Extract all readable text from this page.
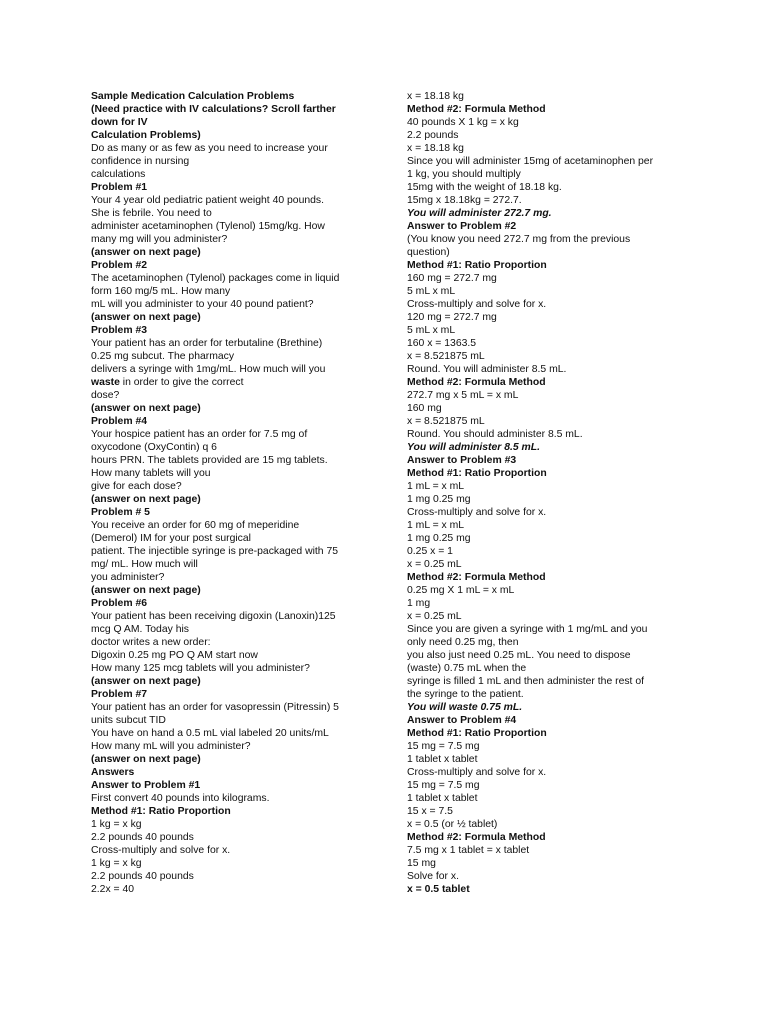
Sample Medication Calculation Problems
(Need practice with IV calculations? Scroll farther
down for IV
Calculation Problems)
Do as many or as few as you need to increase your
confidence in nursing
calculations
Problem #1
Your 4 year old pediatric patient weight 40 pounds.
She is febrile. You need to
administer acetaminophen (Tylenol) 15mg/kg. How
many mg will you administer?
(answer on next page)
Problem #2
The acetaminophen (Tylenol) packages come in liquid
form 160 mg/5 mL. How many
mL will you administer to your 40 pound patient?
(answer on next page)
Problem #3
Your patient has an order for terbutaline (Brethine)
0.25 mg subcut. The pharmacy
delivers a syringe with 1mg/mL. How much will you
waste in order to give the correct
dose?
(answer on next page)
Problem #4
Your hospice patient has an order for 7.5 mg of
oxycodone (OxyContin) q 6
hours PRN. The tablets provided are 15 mg tablets.
How many tablets will you
give for each dose?
(answer on next page)
Problem # 5
You receive an order for 60 mg of meperidine
(Demerol) IM for your post surgical
patient. The injectible syringe is pre-packaged with 75
mg/ mL. How much will
you administer?
(answer on next page)
Problem #6
Your patient has been receiving digoxin (Lanoxin)125
mcg Q AM. Today his
doctor writes a new order:
Digoxin 0.25 mg PO Q AM start now
How many 125 mcg tablets will you administer?
(answer on next page)
Problem #7
Your patient has an order for vasopressin (Pitressin) 5
units subcut TID
You have on hand a 0.5 mL vial labeled 20 units/mL
How many mL will you administer?
(answer on next page)
Answers
Answer to Problem #1
First convert 40 pounds into kilograms.
Method #1: Ratio Proportion
1 kg = x kg
2.2 pounds 40 pounds
Cross-multiply and solve for x.
1 kg = x kg
2.2 pounds 40 pounds
2.2x = 40
x = 18.18 kg
Method #2: Formula Method
40 pounds X 1 kg = x kg
2.2 pounds
x = 18.18 kg
Since you will administer 15mg of acetaminophen per
1 kg, you should multiply
15mg with the weight of 18.18 kg.
15mg x 18.18kg = 272.7.
You will administer 272.7 mg.
Answer to Problem #2
(You know you need 272.7 mg from the previous
question)
Method #1: Ratio Proportion
160 mg = 272.7 mg
5 mL x mL
Cross-multiply and solve for x.
120 mg = 272.7 mg
5 mL x mL
160 x = 1363.5
x = 8.521875 mL
Round. You will administer 8.5 mL.
Method #2: Formula Method
272.7 mg x 5 mL = x mL
160 mg
x = 8.521875 mL
Round. You should administer 8.5 mL.
You will administer 8.5 mL.
Answer to Problem #3
Method #1: Ratio Proportion
1 mL = x mL
1 mg 0.25 mg
Cross-multiply and solve for x.
1 mL = x mL
1 mg 0.25 mg
0.25 x = 1
x = 0.25 mL
Method #2: Formula Method
0.25 mg X 1 mL = x mL
1 mg
x = 0.25 mL
Since you are given a syringe with 1 mg/mL and you
only need 0.25 mg, then
you also just need 0.25 mL. You need to dispose
(waste) 0.75 mL when the
syringe is filled 1 mL and then administer the rest of
the syringe to the patient.
You will waste 0.75 mL.
Answer to Problem #4
Method #1: Ratio Proportion
15 mg = 7.5 mg
1 tablet x tablet
Cross-multiply and solve for x.
15 mg = 7.5 mg
1 tablet x tablet
15 x = 7.5
x = 0.5 (or ½ tablet)
Method #2: Formula Method
7.5 mg x 1 tablet = x tablet
15 mg
Solve for x.
x = 0.5 tablet
